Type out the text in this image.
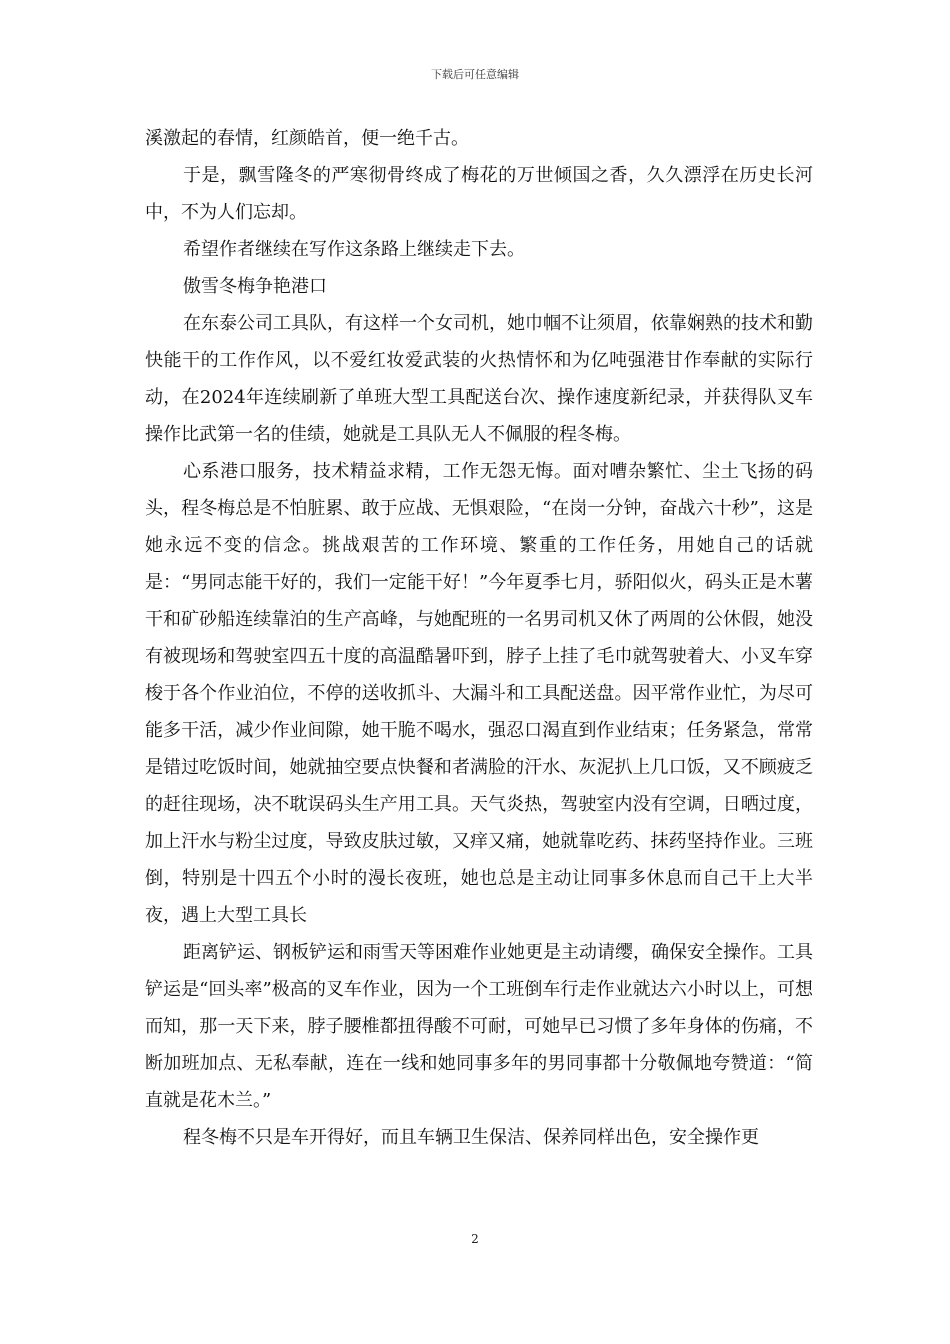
下载后可任意编辑

溪激起的春情，红颜皓首，便一绝千古。

于是，飘雪隆冬的严寒彻骨终成了梅花的万世倾国之香，久久漂浮在历史长河中，不为人们忘却。

希望作者继续在写作这条路上继续走下去。

傲雪冬梅争艳港口

在东泰公司工具队，有这样一个女司机，她巾帼不让须眉，依靠娴熟的技术和勤快能干的工作作风，以不爱红妆爱武装的火热情怀和为亿吨强港甘作奉献的实际行动，在2024年连续刷新了单班大型工具配送台次、操作速度新纪录，并获得队叉车操作比武第一名的佳绩，她就是工具队无人不佩服的程冬梅。

心系港口服务，技术精益求精，工作无怨无悔。面对嘈杂繁忙、尘土飞扬的码头，程冬梅总是不怕脏累、敢于应战、无惧艰险，“在岗一分钟，奋战六十秒”，这是她永远不变的信念。挑战艰苦的工作环境、繁重的工作任务，用她自己的话就是：“男同志能干好的，我们一定能干好！”今年夏季七月，骄阳似火，码头正是木薯干和矿砂船连续靠泊的生产高峰，与她配班的一名男司机又休了两周的公休假，她没有被现场和驾驶室四五十度的高温酷暑吓到，脖子上挂了毛巾就驾驶着大、小叉车穿梭于各个作业泊位，不停的送收抓斗、大漏斗和工具配送盘。因平常作业忙，为尽可能多干活，减少作业间隙，她干脆不喝水，强忍口渴直到作业结束；任务紧急，常常是错过吃饭时间，她就抽空要点快餐和者满脸的汗水、灰泥扒上几口饭，又不顾疲乏的赶往现场，决不耽误码头生产用工具。天气炎热，驾驶室内没有空调，日晒过度，加上汗水与粉尘过度，导致皮肤过敏，又痒又痛，她就靠吃药、抹药坚持作业。三班倒，特别是十四五个小时的漫长夜班，她也总是主动让同事多休息而自己干上大半夜，遇上大型工具长

距离铲运、钢板铲运和雨雪天等困难作业她更是主动请缨，确保安全操作。工具铲运是“回头率”极高的叉车作业，因为一个工班倒车行走作业就达六小时以上，可想而知，那一天下来，脖子腰椎都扭得酸不可耐，可她早已习惯了多年身体的伤痛，不断加班加点、无私奉献，连在一线和她同事多年的男同事都十分敬佩地夸赞道：“简直就是花木兰。”

程冬梅不只是车开得好，而且车辆卫生保洁、保养同样出色，安全操作更

2
